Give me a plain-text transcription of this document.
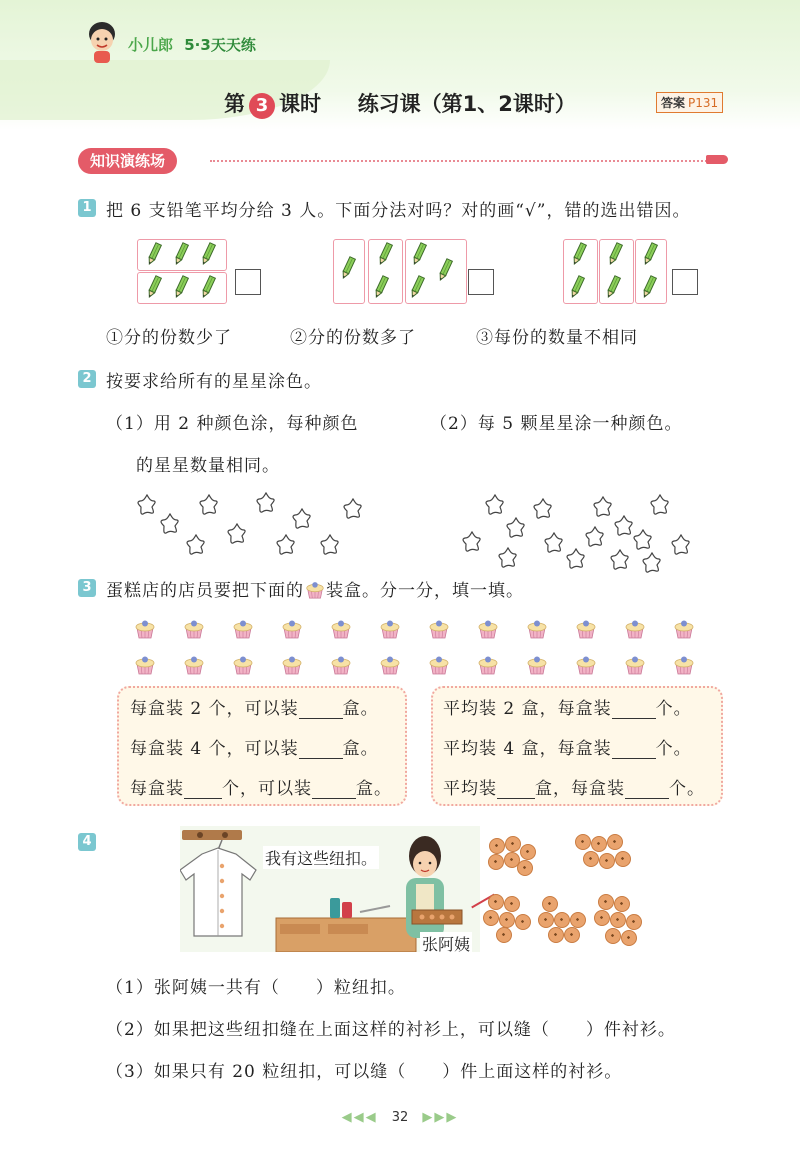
小儿郎 5·3天天练
第 3 课时 练习课（第1、2课时）	答案 P131
知识演练场
1 把 6 支铅笔平均分给 3 人。下面分法对吗？对的画“√”，错的选出错因。
①分的份数少了	②分的份数多了	③每份的数量不相同
2 按要求给所有的星星涂色。
（1）用 2 种颜色涂，每种颜色
的星星数量相同。
（2）每 5 颗星星涂一种颜色。
3 蛋糕店的店员要把下面的 装盒。分一分，填一填。
每盒装 2 个，可以装	盒。
每盒装 4 个，可以装	盒。
每盒装 个，可以装	盒。
平均装 2 盒，每盒装	个。
平均装 4 盒，每盒装	个。
平均装 盒，每盒装	个。
4
我有这些纽扣。
张阿姨
（1）张阿姨一共有（　　）粒纽扣。
（2）如果把这些纽扣缝在上面这样的衬衫上，可以缝（　　）件衬衫。
（3）如果只有 20 粒纽扣，可以缝（　　）件上面这样的衬衫。
◀◀◀ 32 ▶▶▶
